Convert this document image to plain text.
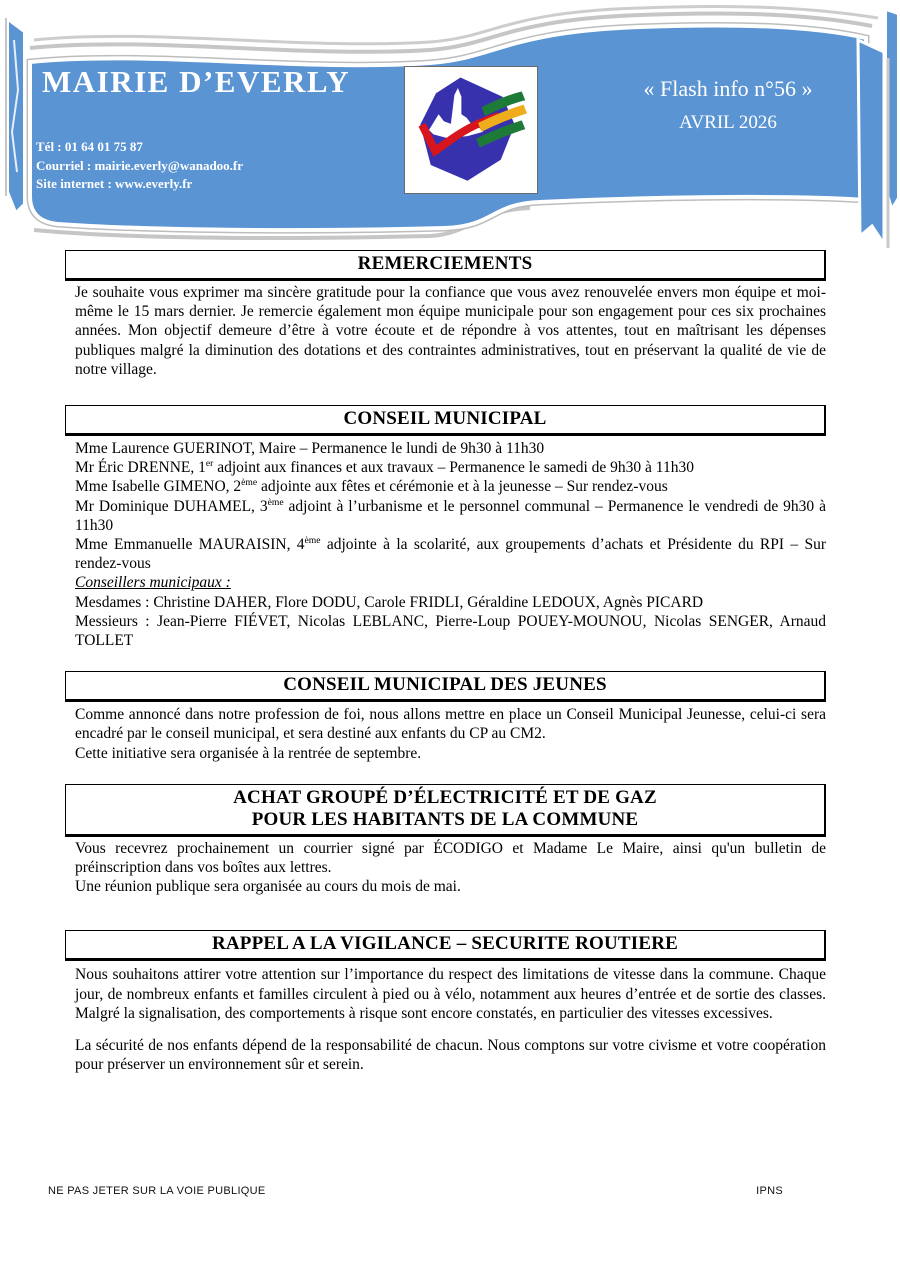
MAIRIE D’EVERLY
Tél : 01 64 01 75 87
Courriel : mairie.everly@wanadoo.fr
Site internet : www.everly.fr
« Flash info n°56 »
AVRIL 2026
REMERCIEMENTS

Je souhaite vous exprimer ma sincère gratitude pour la confiance que vous avez renouvelée envers mon équipe et moi-même le 15 mars dernier. Je remercie également mon équipe municipale pour son engagement pour ces six prochaines années. Mon objectif demeure d’être à votre écoute et de répondre à vos attentes, tout en maîtrisant les dépenses publiques malgré la diminution des dotations et des contraintes administratives, tout en préservant la qualité de vie de notre village.

CONSEIL MUNICIPAL

Mme Laurence GUERINOT, Maire – Permanence le lundi de 9h30 à 11h30

Mr Éric DRENNE, 1er adjoint aux finances et aux travaux – Permanence le samedi de 9h30 à 11h30

Mme Isabelle GIMENO, 2ème adjointe aux fêtes et cérémonie et à la jeunesse – Sur rendez-vous

Mr Dominique DUHAMEL, 3ème adjoint à l’urbanisme et le personnel communal – Permanence le vendredi de 9h30 à 11h30

Mme Emmanuelle MAURAISIN, 4ème adjointe à la scolarité, aux groupements d’achats et Présidente du RPI – Sur rendez-vous

Conseillers municipaux :

Mesdames : Christine DAHER, Flore DODU, Carole FRIDLI, Géraldine LEDOUX, Agnès PICARD

Messieurs : Jean-Pierre FIÉVET, Nicolas LEBLANC, Pierre-Loup POUEY-MOUNOU, Nicolas SENGER, Arnaud TOLLET

CONSEIL MUNICIPAL DES JEUNES

Comme annoncé dans notre profession de foi, nous allons mettre en place un Conseil Municipal Jeunesse, celui-ci sera encadré par le conseil municipal, et sera destiné aux enfants du CP au CM2.

Cette initiative sera organisée à la rentrée de septembre.

ACHAT GROUPÉ D’ÉLECTRICITÉ ET DE GAZ
POUR LES HABITANTS DE LA COMMUNE

Vous recevrez prochainement un courrier signé par ÉCODIGO et Madame Le Maire, ainsi qu'un bulletin de préinscription dans vos boîtes aux lettres.

Une réunion publique sera organisée au cours du mois de mai.

RAPPEL A LA VIGILANCE – SECURITE ROUTIERE

Nous souhaitons attirer votre attention sur l’importance du respect des limitations de vitesse dans la commune. Chaque jour, de nombreux enfants et familles circulent à pied ou à vélo, notamment aux heures d’entrée et de sortie des classes. Malgré la signalisation, des comportements à risque sont encore constatés, en particulier des vitesses excessives.

La sécurité de nos enfants dépend de la responsabilité de chacun. Nous comptons sur votre civisme et votre coopération pour préserver un environnement sûr et serein.

NE PAS JETER SUR LA VOIE PUBLIQUE	IPNS
